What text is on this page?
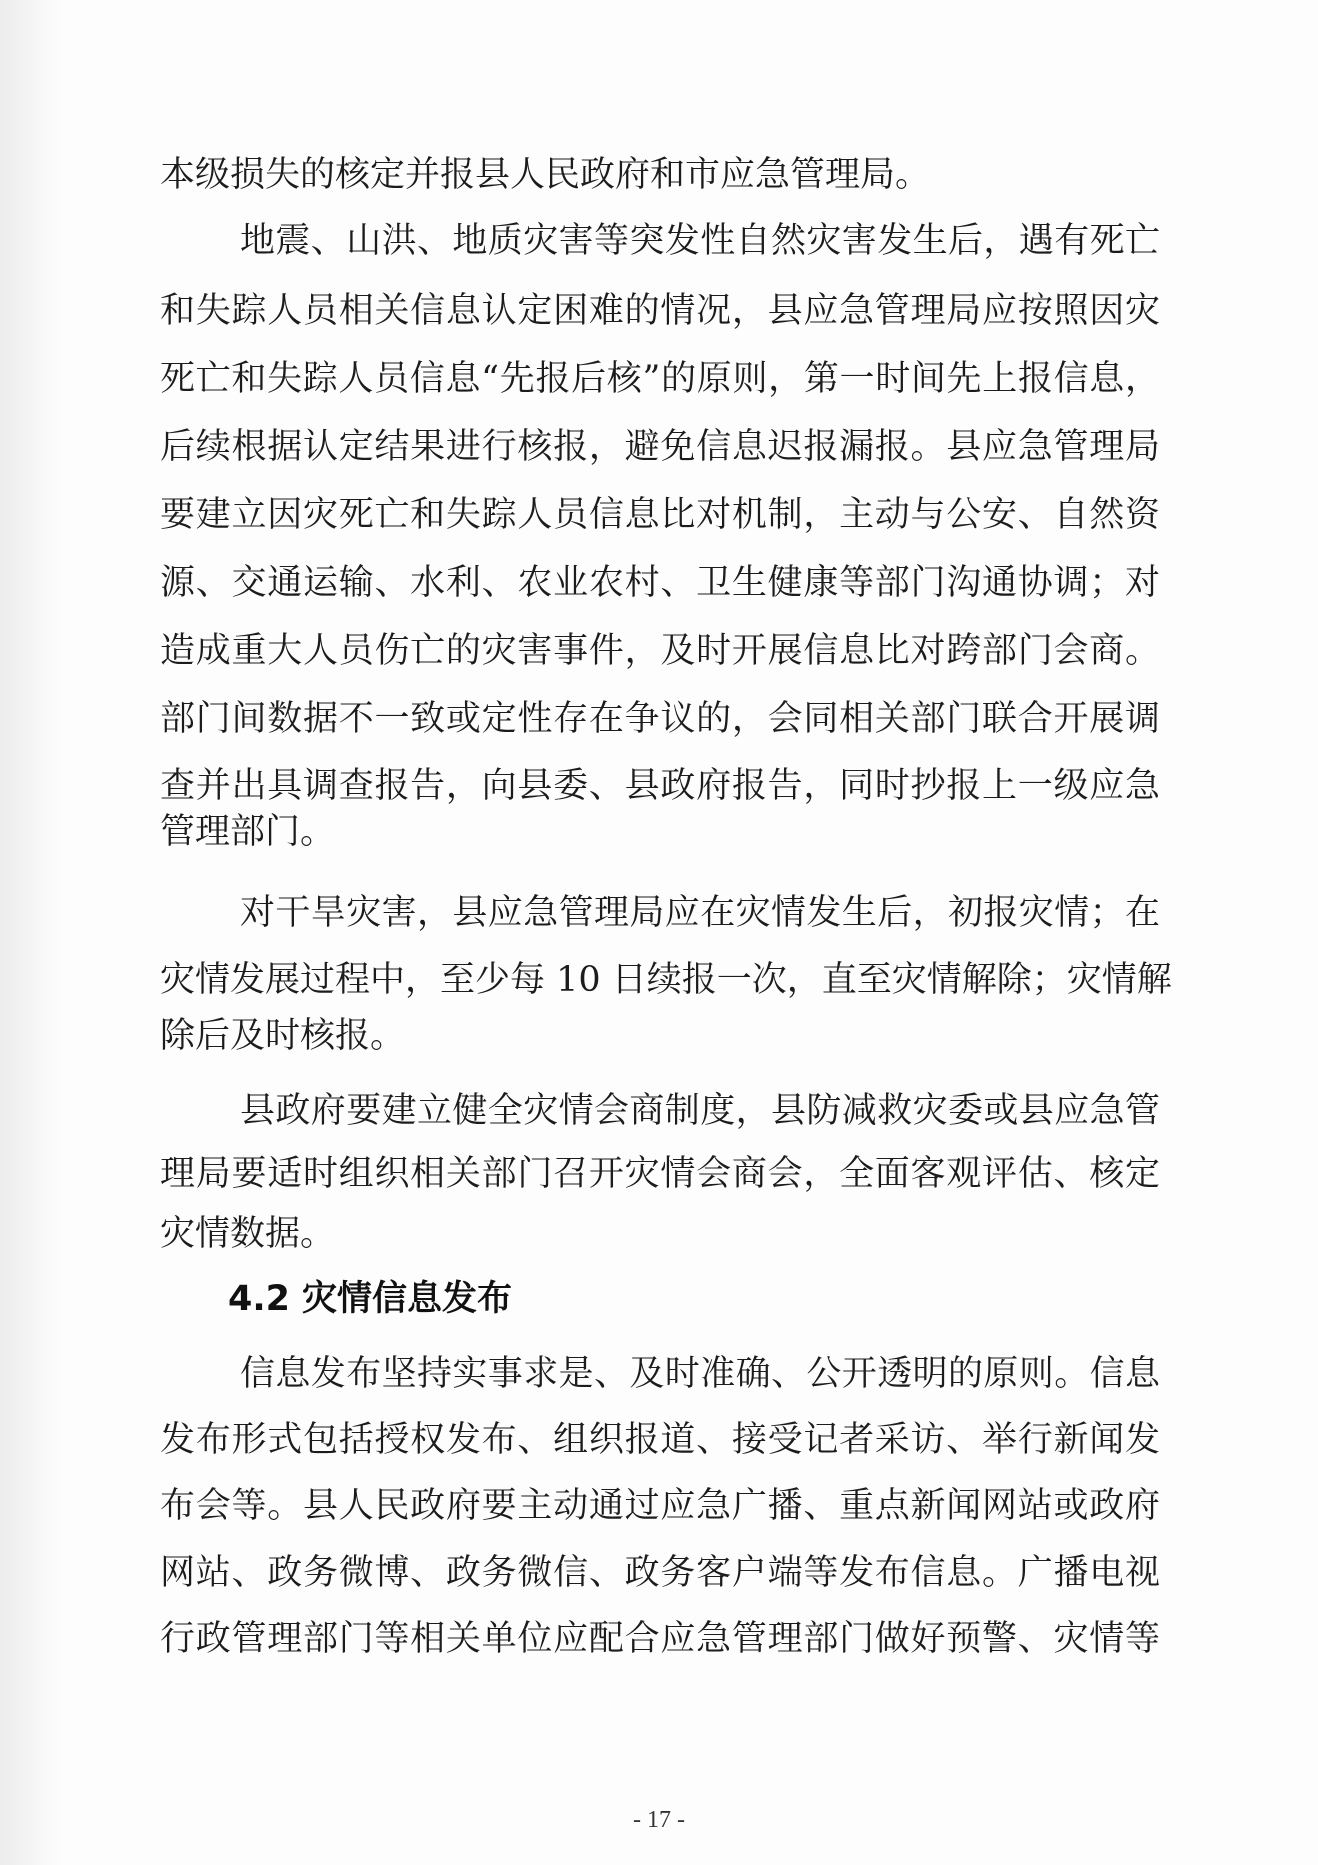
本级损失的核定并报县人民政府和市应急管理局。

地震、山洪、地质灾害等突发性自然灾害发生后，遇有死亡

和失踪人员相关信息认定困难的情况，县应急管理局应按照因灾

死亡和失踪人员信息“先报后核”的原则，第一时间先上报信息，

后续根据认定结果进行核报，避免信息迟报漏报。县应急管理局

要建立因灾死亡和失踪人员信息比对机制，主动与公安、自然资

源、交通运输、水利、农业农村、卫生健康等部门沟通协调；对

造成重大人员伤亡的灾害事件，及时开展信息比对跨部门会商。

部门间数据不一致或定性存在争议的，会同相关部门联合开展调

查并出具调查报告，向县委、县政府报告，同时抄报上一级应急

管理部门。

对干旱灾害，县应急管理局应在灾情发生后，初报灾情；在

灾情发展过程中，至少每 10 日续报一次，直至灾情解除；灾情解

除后及时核报。

县政府要建立健全灾情会商制度，县防减救灾委或县应急管

理局要适时组织相关部门召开灾情会商会，全面客观评估、核定

灾情数据。

4.2 灾情信息发布

信息发布坚持实事求是、及时准确、公开透明的原则。信息

发布形式包括授权发布、组织报道、接受记者采访、举行新闻发

布会等。县人民政府要主动通过应急广播、重点新闻网站或政府

网站、政务微博、政务微信、政务客户端等发布信息。广播电视

行政管理部门等相关单位应配合应急管理部门做好预警、灾情等

- 17 -
